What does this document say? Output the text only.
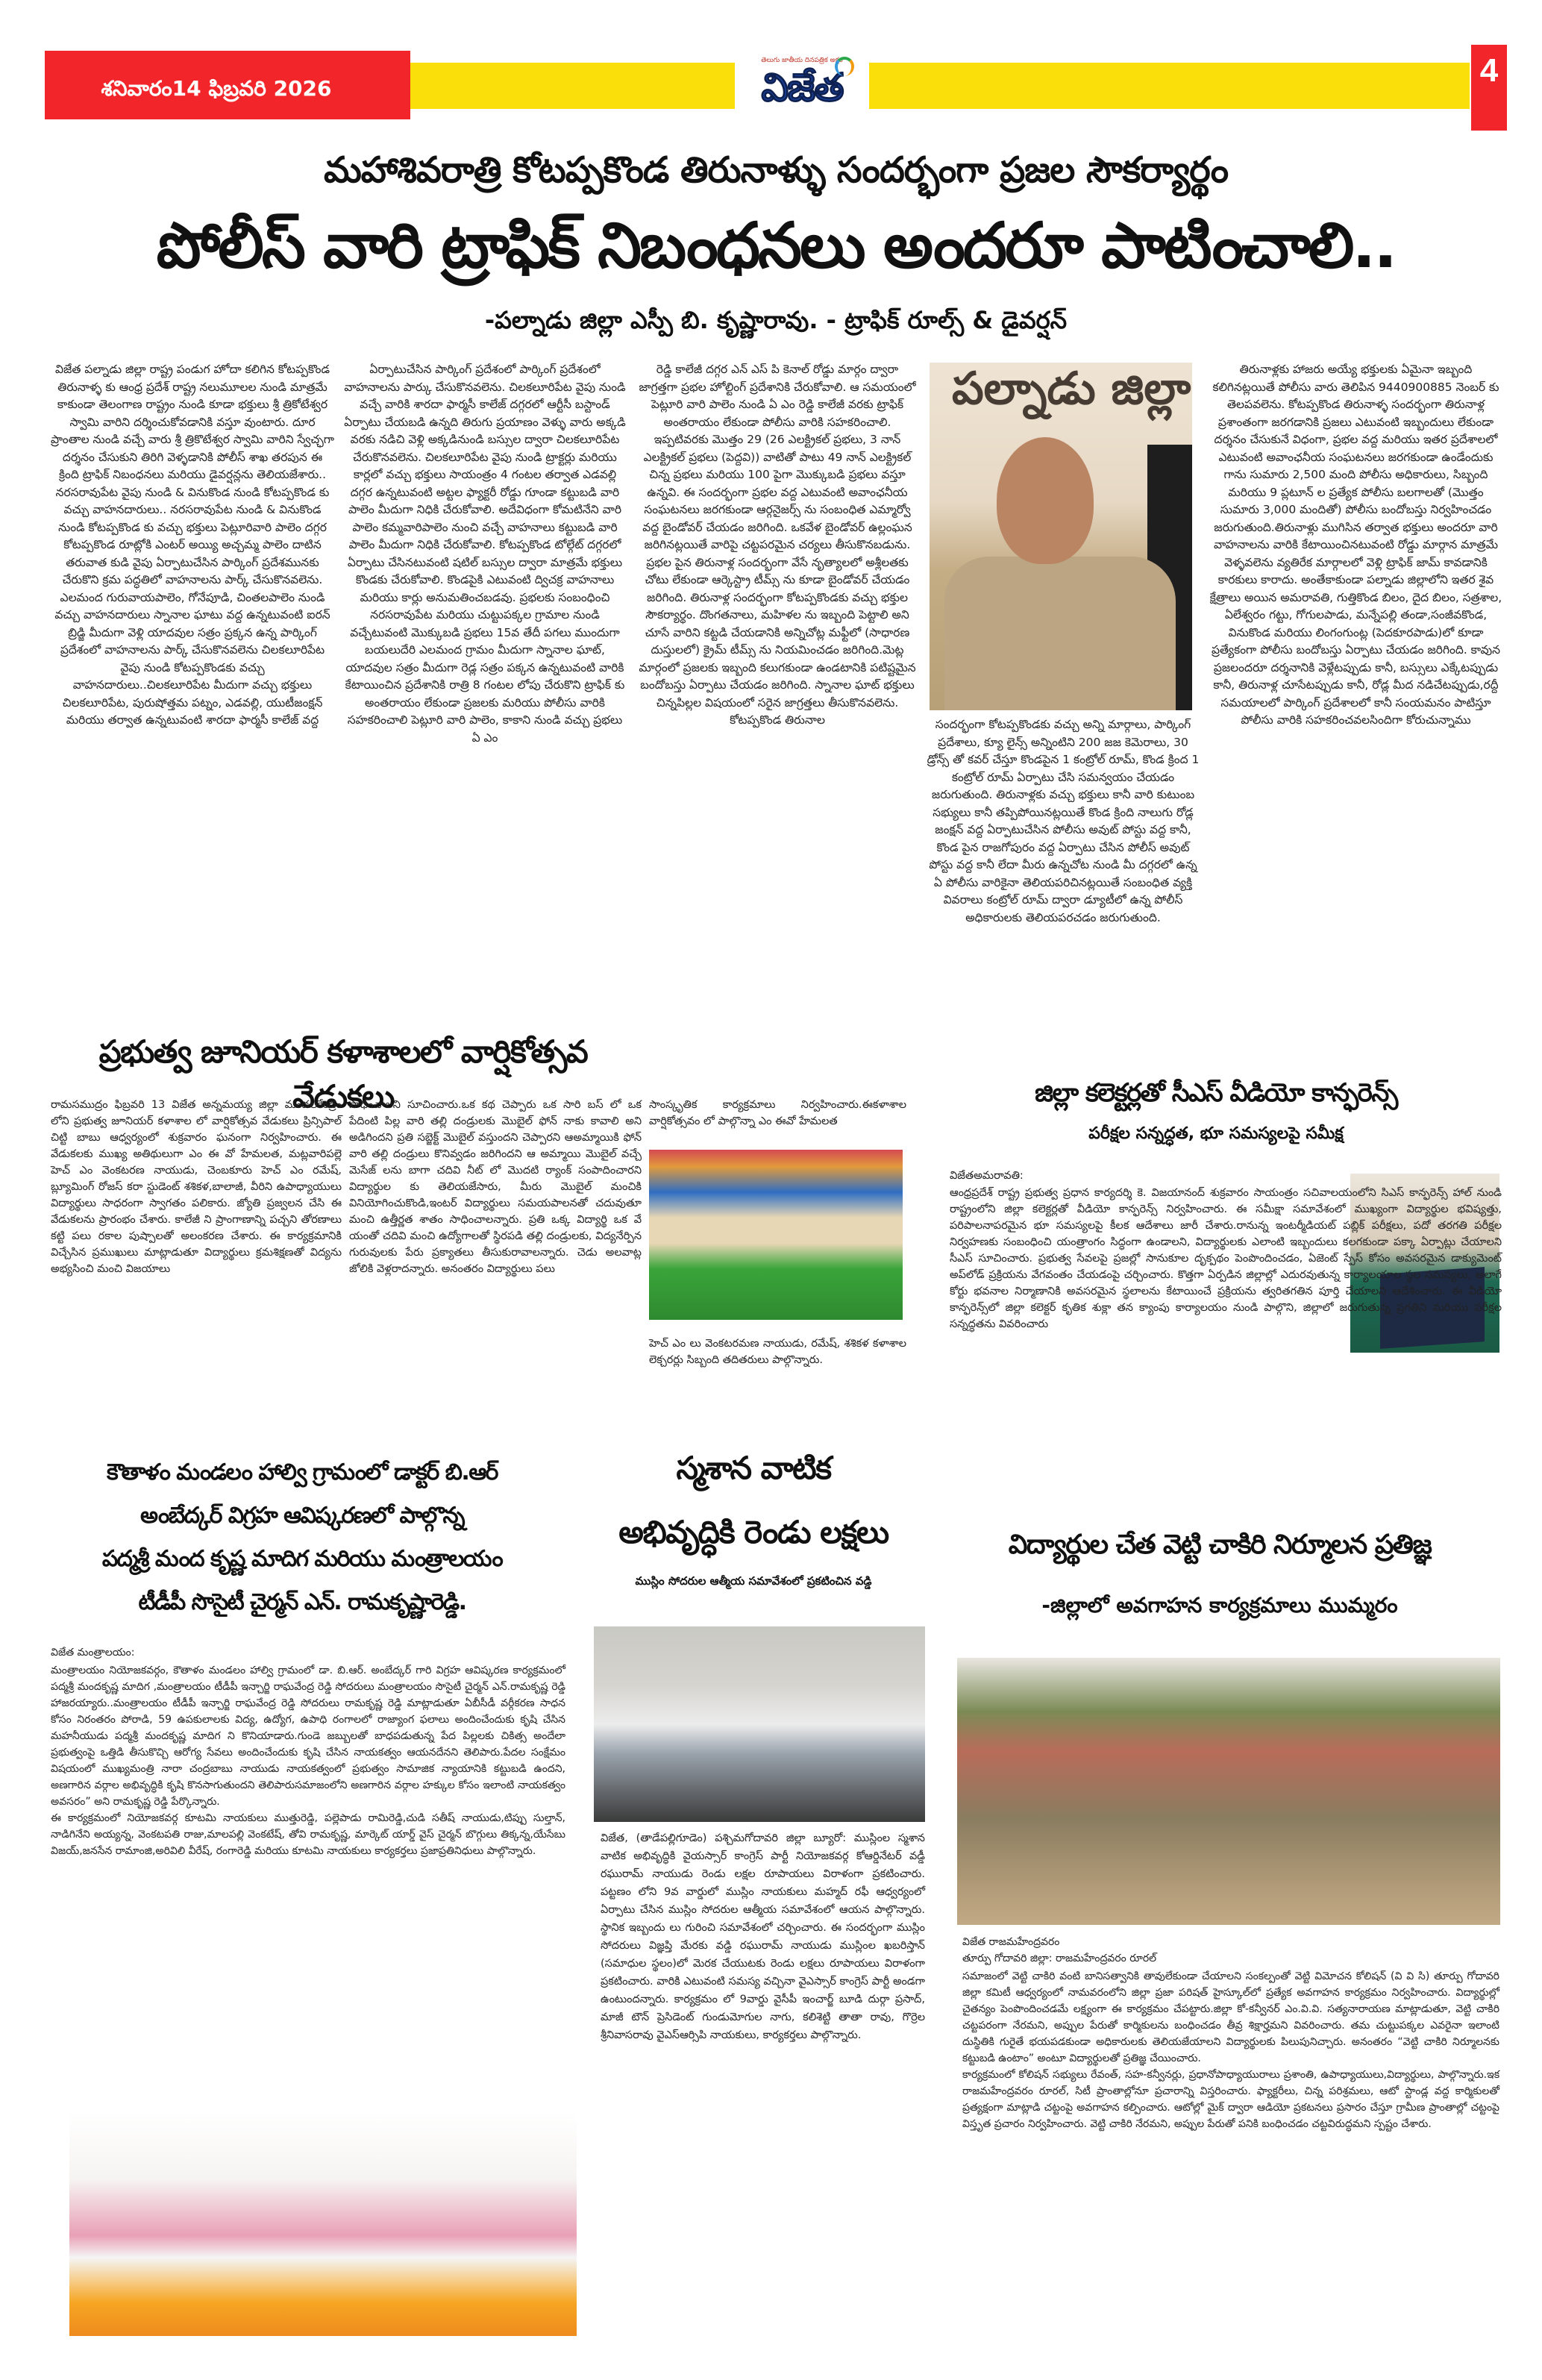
శనివారం14 ఫిబ్రవరి 2026
తెలుగు జాతీయ దినపత్రిక అక్షర
విజేత	4
మహాశివరాత్రి కోటప్పకొండ తిరునాళ్ళు సందర్భంగా ప్రజల సౌకర్యార్థం
పోలీస్ వారి ట్రాఫిక్ నిబంధనలు అందరూ పాటించాలి..
-పల్నాడు జిల్లా ఎస్పీ బి. కృష్ణారావు. - ట్రాఫిక్ రూల్స్ & డైవర్షన్

విజేత పల్నాడు జిల్లా రాష్ట్ర పండుగ హోదా కలిగిన కోటప్పకొండ తిరునాళ్ళ కు ఆంధ్ర ప్రదేశ్ రాష్ట్ర నలుమూలల నుండి మాత్రమే కాకుండా తెలంగాణ రాష్ట్రం నుండి కూడా భక్తులు శ్రీ త్రికోటేశ్వర స్వామి వారిని దర్శించుకోవడానికి వస్తూ వుంటారు. దూర ప్రాంతాల నుండి వచ్చే వారు శ్రీ త్రికొటేశ్వర స్వామి వారిని స్వేచ్ఛగా దర్శనం చేసుకుని తిరిగి వెళ్ళడానికి పోలీస్ శాఖ తరపున ఈ క్రింది ట్రాఫిక్ నిబంధనలు మరియు డైవర్షన్లను తెలియజేశారు.. నరసరావుపేట వైపు నుండి & వినుకొండ నుండి కోటప్పకొండ కు వచ్చు వాహనదారులు.. నరసరావుపేట నుండి & వినుకొండ నుండి కోటప్పకొండ కు వచ్చు భక్తులు పెట్లూరివారి పాలెం దగ్గర కోటప్పకొండ రూట్లోకి ఎంటర్ అయ్యి అచ్చమ్మ పాలెం దాటిన తరువాత కుడి వైపు ఏర్పాటుచేసిన పార్కింగ్ ప్రదేశమునకు చేరుకొని క్రమ పద్ధతిలో వాహనాలను పార్క్ చేసుకొనవలెను. ఎలమంద గురువాయపాలెం, గోనేపూడి, చింతలపాలెం నుండి వచ్చు వాహనదారులు స్నానాల ఘాటు వద్ద ఉన్నటువంటి ఐరన్ బ్రిడ్జి మీదుగా వెళ్లి యాదవుల సత్రం ప్రక్కన ఉన్న పార్కింగ్ ప్రదేశంలో వాహనాలను పార్క్ చేసుకొనవలెను చిలకలూరిపేట వైపు నుండి కోటప్పకొండకు వచ్చు వాహనదారులు..చిలకలూరిపేట మీదుగా వచ్చు భక్తులు చిలకలూరిపేట, పురుషోత్తమ పట్నం, ఎడవల్లి, యుటీజంక్షన్ మరియు తర్వాత ఉన్నటువంటి శారదా ఫార్మసీ కాలేజ్ వద్ద

ఏర్పాటుచేసిన పార్కింగ్ ప్రదేశంలో పార్కింగ్ ప్రదేశంలో వాహనాలను పార్కు చేసుకొనవలెను. చిలకలూరిపేట వైపు నుండి వచ్చే వారికి శారదా ఫార్మసీ కాలేజ్ దగ్గరలో ఆర్టీసీ బస్టాండ్ ఏర్పాటు చేయబడి ఉన్నది తిరుగు ప్రయాణం వెళ్ళు వారు అక్కడి వరకు నడిచి వెళ్లి అక్కడినుండి బస్సుల ద్వారా చిలకలూరిపేట చేరుకొనవలెను. చిలకలూరిపేట వైపు నుండి ట్రాక్టర్లు మరియు కార్లలో వచ్చు భక్తులు సాయంత్రం 4 గంటల తర్వాత ఎడవల్లి దగ్గర ఉన్నటువంటి అట్టల ఫ్యాక్టరీ రోడ్డు గూండా కట్టుబడి వారి పాలెం మీదుగా నిధికి చేరుకోవాలి. అదేవిధంగా కోమటినేని వారి పాలెం కమ్మవారిపాలెం నుంచి వచ్చే వాహనాలు కట్టుబడి వారి పాలెం మీదుగా నిధికి చేరుకోవాలి. కోటప్పకొండ టోల్గేట్ దగ్గరలో ఏర్పాటు చేసినటువంటి షటిల్ బస్సుల ద్వారా మాత్రమే భక్తులు కొండకు చేరుకోవాలి. కొండపైకి ఎటువంటి ద్విచక్ర వాహనాలు మరియు కార్లు అనుమతించబడవు. ప్రభలకు సంబంధించి నరసరావుపేట మరియు చుట్టుపక్కల గ్రామాల నుండి వచ్చేటువంటి మొక్కుబడి ప్రభలు 15వ తేదీ పగలు ముందుగా బయలుదేరి ఎలమంద గ్రామం మీదుగా స్నానాల ఘాట్, యాదవుల సత్రం మీదుగా రెడ్ల సత్రం పక్కన ఉన్నటువంటి వారికి కేటాయించిన ప్రదేశానికి రాత్రి 8 గంటల లోపు చేరుకొని ట్రాఫిక్ కు అంతరాయం లేకుండా ప్రజలకు మరియు పోలీసు వారికి సహకరించాలి పెట్లూరి వారి పాలెం, కాకాని నుండి వచ్చు ప్రభలు ఏ ఎం

రెడ్డి కాలేజీ దగ్గర ఎన్ ఎస్ పి కెనాల్ రోడ్డు మార్గం ద్వారా జాగ్రత్తగా ప్రభల హోల్టింగ్ ప్రదేశానికి చేరుకోవాలి. ఆ సమయంలో పెట్లూరి వారి పాలెం నుండి ఏ ఎం రెడ్డి కాలేజీ వరకు ట్రాఫిక్ అంతరాయం లేకుండా పోలీసు వారికి సహకరించాలి. ఇప్పటివరకు మొత్తం 29 (26 ఎలక్ట్రికల్ ప్రభలు, 3 నాన్ ఎలక్ట్రికల్ ప్రభలు (పెద్దవి)) వాటితో పాటు 49 నాన్ ఎలక్ట్రికల్ చిన్న ప్రభలు మరియు 100 పైగా మొక్కుబడి ప్రభలు వస్తూ ఉన్నవి. ఈ సందర్భంగా ప్రభల వద్ద ఎటువంటి అవాంఛనీయ సంఘటనలు జరగకుండా ఆర్గనైజర్స్ ను సంబంధిత ఎమ్మార్వో వద్ద బైండోవర్ చేయడం జరిగింది. ఒకవేళ బైండోవర్ ఉల్లంఘన జరిగినట్లయితే వారిపై చట్టపరమైన చర్యలు తీసుకొనబడును. ప్రభల పైన తిరునాళ్ల సందర్భంగా వేసే నృత్యాలలో అశ్లీలతకు చోటు లేకుండా ఆర్కెస్ట్రా టీమ్స్ ను కూడా బైండోవర్ చేయడం జరిగింది. తిరునాళ్ల సందర్భంగా కోటప్పకొండకు వచ్చు భక్తుల సౌకర్యార్థం. దొంగతనాలు, మహిళల ను ఇబ్బంది పెట్టాలి అని చూసే వారిని కట్టడి చేయడానికి అన్నిచోట్ల మఫ్టీలో (సాధారణ దుస్తులలో) క్రైమ్ టీమ్స్ ను నియమించడం జరిగింది.మెట్ల మార్గంలో ప్రజలకు ఇబ్బంది కలుగకుండా ఉండటానికి పటిష్టమైన బందోబస్తు ఏర్పాటు చేయడం జరిగింది. స్నానాల ఘాట్ భక్తులు చిన్నపిల్లల విషయంలో సరైన జాగ్రత్తలు తీసుకొనవలెను. కోటప్పకొండ తిరునాల

పల్నాడు జిల్లా

సందర్భంగా కోటప్పకొండకు వచ్చు అన్ని మార్గాలు, పార్కింగ్ ప్రదేశాలు, క్యూ లైన్స్ అన్నింటిని 200 జజ కెమెరాలు, 30 డ్రోన్స్ తో కవర్ చేస్తూ కొండపైన 1 కంట్రోల్ రూమ్, కొండ క్రింద 1 కంట్రోల్ రూమ్ ఏర్పాటు చేసి సమన్వయం చేయడం జరుగుతుంది. తిరునాళ్లకు వచ్చు భక్తులు కానీ వారి కుటుంబ సభ్యులు కానీ తప్పిపోయినట్లయితే కొండ క్రింది నాలుగు రోడ్ల జంక్షన్ వద్ద ఏర్పాటుచేసిన పోలీసు అవుట్ పోస్టు వద్ద కానీ, కొండ పైన రాజగోపురం వద్ద ఏర్పాటు చేసిన పోలీస్ అవుట్ పోస్టు వద్ద కానీ లేదా మీరు ఉన్నచోట నుండి మీ దగ్గరలో ఉన్న ఏ పోలీసు వారికైనా తెలియపరిచినట్లయితే సంబంధిత వ్యక్తి వివరాలు కంట్రోల్ రూమ్ ద్వారా డ్యూటీలో ఉన్న పోలీస్ అధికారులకు తెలియపరచడం జరుగుతుంది.

తిరునాళ్లకు హాజరు అయ్యే భక్తులకు ఏమైనా ఇబ్బంది కలిగినట్లయితే పోలీసు వారు తెలిపిన 9440900885 నెంబర్ కు తెలపవలెను. కోటప్పకొండ తిరునాళ్ళ సందర్భంగా తిరునాళ్ల ప్రశాంతంగా జరగడానికి ప్రజలు ఎటువంటి ఇబ్బందులు లేకుండా దర్శనం చేసుకునే విధంగా, ప్రభల వద్ద మరియు ఇతర ప్రదేశాలలో ఎటువంటి అవాంఛనీయ సంఘటనలు జరగకుండా ఉండేందుకు గాను సుమారు 2,500 మంది పోలీసు అధికారులు, సిబ్బంది మరియు 9 ప్లటూన్ ల ప్రత్యేక పోలీసు బలగాలతో (మొత్తం సుమారు 3,000 మందితో) పోలీసు బందోబస్తు నిర్వహించడం జరుగుతుంది.తిరునాళ్లు ముగిసిన తర్వాత భక్తులు అందరూ వారి వాహనాలను వారికి కేటాయించినటువంటి రోడ్డు మార్గాన మాత్రమే వెళ్ళవలెను వ్యతిరేక మార్గాలలో వెళ్లి ట్రాఫిక్ జామ్ కావడానికి కారకులు కారాదు. అంతేకాకుండా పల్నాడు జిల్లాలోని ఇతర శైవ క్షేత్రాలు అయిన అమరావతి, గుత్తికొండ బిలం, దైద బిలం, సత్రశాల, ఏలేశ్వరం గట్టు, గోగులపాడు, మన్నేపల్లి తండా,సంజీవకొండ, వినుకొండ మరియు లింగంగుంట్ల (పెదకూరపాడు)లో కూడా ప్రత్యేకంగా పోలీసు బందోబస్తు ఏర్పాటు చేయడం జరిగింది. కావున ప్రజలందరూ దర్శనానికి వెళ్లేటప్పుడు కానీ, బస్సులు ఎక్కేటప్పుడు కానీ, తిరునాళ్ల చూసేటప్పుడు కానీ, రోడ్ల మీద నడిచేటప్పుడు,రద్దీ సమయాలలో పార్కింగ్ ప్రదేశాలలో కానీ సంయమనం పాటిస్తూ పోలీసు వారికి సహకరించవలసిందిగా కోరుచున్నాము

ప్రభుత్వ జూనియర్ కళాశాలలో వార్షికోత్సవ వేడుకలు

రామసముద్రం ఫిబ్రవరి 13 విజేత అన్నమయ్య జిల్లా మండలకేంద్రం లోని ప్రభుత్వ జూనియర్ కళాశాల లో వార్షికోత్సవ వేడుకలు ప్రిన్సిపాల్ చిట్టి బాబు ఆధ్వర్యంలో శుక్రవారం ఘనంగా నిర్వహించారు. ఈ వేడుకలకు ముఖ్య అతిథులుగా ఎం ఈ వో హేమలత, మట్లవారిపల్లె హెచ్ ఎం వెంకటరణ నాయుడు, చెంబకూరు హెచ్ ఎం రమేష్, బ్ల్యూమింగ్ రోజస్ కరా స్టుడెంట్ శశికళ,బాలాజీ, వీరిని ఉపాధ్యాయులు విద్యార్థులు సాధరంగా స్వాగతం పలికారు. జ్యోతి ప్రజ్వలన చేసి ఈ వేడుకలను ప్రారంభం చేశారు. కాలేజీ ని ప్రాంగాణాన్ని పచ్చని తోరణాలు కట్టి పలు రకాల పుష్పాలతో అలంకరణ చేశారు. ఈ కార్యక్రమానికి విచ్చేసిన ప్రముఖులు మాట్లాడుతూ విద్యార్థులు క్రమశిక్షణతో విద్యను అభ్యసించి మంచి విజయాలు

సాధించాలని సూచించారు.ఒక కథ చెప్పారు ఒక సారి బస్ లో ఒక పేదింటి పిల్ల వారి తల్లి దండ్రులకు మొబైల్ ఫోన్ నాకు కావాలి అని అడిగిందని ప్రతి సబ్జెక్ట్ మొబైల్ వస్తుందని చెప్పారని ఆఅమ్మాయికి ఫోన్ వారి తల్లి దండ్రులు కొనివ్వడం జరిగిందని ఆ అమ్మాయి మొబైల్ వచ్చే మెసేజ్ లను బాగా చదివి నీట్ లో మొదటి ర్యాంక్ సంపాదించారని విద్యార్థుల కు తెలియజేసారు, మీరు మొబైల్ మంచికి వినియోగించుకొండి,ఇంటర్ విద్యార్థులు సమయపాలనతో చదువుతూ మంచి ఉత్తీర్ణత శాతం సాధించాలన్నారు. ప్రతి ఒక్క విద్యార్థి ఒక వే యంతో చదివి మంచి ఉద్యోగాలతో స్థిరపడి తల్లి దండ్రులకు, విద్యనేర్పిన గురువులకు పేరు ప్రక్యాతలు తీసుకురావాలన్నారు. చెడు అలవాట్ల జోలికి వెళ్లరాదన్నారు. అనంతరం విద్యార్థులు పలు

సాంస్కృతిక కార్యక్రమాలు నిర్వహించారు.ఈకళాశాల వార్షికోత్సవం లో పాల్గొన్నా ఎం ఈవో హేమలత

హెచ్ ఎం లు వెంకటరమణ నాయుడు, రమేష్, శశికళ కళాశాల లెక్చరర్లు సిబ్బంది తదితరులు పాల్గొన్నారు.

జిల్లా కలెక్టర్లతో సీఎస్ వీడియో కాన్ఫరెన్స్
పరీక్షల సన్నద్ధత, భూ సమస్యలపై సమీక్ష
విజేతఅమరావతి:

ఆంధ్రప్రదేశ్ రాష్ట్ర ప్రభుత్వ ప్రధాన కార్యదర్శి కె. విజయానంద్ శుక్రవారం సాయంత్రం సచివాలయంలోని సిఎస్ కాన్ఫరెన్స్ హాల్ నుండి రాష్ట్రంలోని జిల్లా కలెక్టర్లతో వీడియో కాన్ఫరెన్స్ నిర్వహించారు. ఈ సమీక్షా సమావేశంలో ముఖ్యంగా విద్యార్థుల భవిష్యత్తు, పరిపాలనాపరమైన భూ సమస్యలపై కీలక ఆదేశాలు జారీ చేశారు.రానున్న ఇంటర్మీడియట్ పబ్లిక్ పరీక్షలు, పదో తరగతి పరీక్షల నిర్వహణకు సంబంధించి యంత్రాంగం సిద్ధంగా ఉండాలని, విద్యార్థులకు ఎలాంటి ఇబ్బందులు కలగకుండా పక్కా ఏర్పాట్లు చేయాలని సీఎస్ సూచించారు. ప్రభుత్వ సేవలపై ప్రజల్లో సానుకూల దృక్పథం పెంపొందించడం, ఏజెంట్ స్పేస్ కోసం అవసరమైన డాక్యుమెంట్ అప్‌లోడ్ ప్రక్రియను వేగవంతం చేయడంపై చర్చించారు. కొత్తగా ఏర్పడిన జిల్లాల్లో ఎదురవుతున్న కార్యాలయాల స్థల సమస్యలు, అలాగే కోర్టు భవనాల నిర్మాణానికి అవసరమైన స్థలాలను కేటాయించే ప్రక్రియను త్వరితగతిన పూర్తి చేయాలని ఆదేశించారు. ఈ వీడియో కాన్ఫరెన్స్‌లో జిల్లా కలెక్టర్ కృతిక శుక్లా తన క్యాంపు కార్యాలయం నుండి పాల్గొని, జిల్లాలో జరుగుతున్న ప్రగతిని మరియు పరీక్షల సన్నద్ధతను వివరించారు

కౌతాళం మండలం హాల్వి గ్రామంలో డాక్టర్ బి.ఆర్
అంబేద్కర్ విగ్రహ ఆవిష్కరణలో పాల్గొన్న
పద్మశ్రీ మంద కృష్ణ మాదిగ మరియు మంత్రాలయం
టీడీపీ సొసైటీ చైర్మన్ ఎన్. రామకృష్ణారెడ్డి.
విజేత మంత్రాలయం:

మంత్రాలయం నియోజకవర్గం, కౌతాళం మండలం హాల్వి గ్రామంలో డా. బి.ఆర్. అంబేద్కర్ గారి విగ్రహ ఆవిష్కరణ కార్యక్రమంలో పద్మశ్రీ మందకృష్ణ మాదిగ ,మంత్రాలయం టీడీపీ ఇన్చార్జి రాఘవేంద్ర రెడ్డి సోదరులు మంత్రాలయం సొసైటీ చైర్మన్ ఎన్.రామకృష్ణ రెడ్డి హాజరయ్యారు..మంత్రాలయం టీడీపీ ఇన్చార్జి రాఘవేంద్ర రెడ్డి సోదరులు రామకృష్ణ రెడ్డి మాట్లాడుతూ ఏబీసీడీ వర్గీకరణ సాధన కోసం నిరంతరం పోరాడి, 59 ఉపకులాలకు విద్య, ఉద్యోగ, ఉపాధి రంగాలలో రాజ్యాంగ ఫలాలు అందించేందుకు కృషి చేసిన మహనీయుడు పద్మశ్రీ మందకృష్ణ మాదిగ ని కొనియాడారు.గుండె జబ్బులతో బాధపడుతున్న పేద పిల్లలకు చికిత్స అందేలా ప్రభుత్వంపై ఒత్తిడి తీసుకొచ్చి ఆరోగ్య సేవలు అందించేందుకు కృషి చేసిన నాయకత్వం ఆయనదేనని తెలిపారు.పేదల సంక్షేమం విషయంలో ముఖ్యమంత్రి నారా చంద్రబాబు నాయుడు నాయకత్వంలో ప్రభుత్వం సామాజిక న్యాయానికి కట్టుబడి ఉందని, అణగారిన వర్గాల అభివృద్ధికి కృషి కొనసాగుతుందని తెలిపారుసమాజంలోని అణగారిన వర్గాల హక్కుల కోసం ఇలాంటి నాయకత్వం అవసరం” అని రామకృష్ణ రెడ్డి పేర్కొన్నారు.

ఈ కార్యక్రమంలో నియోజకవర్గ కూటమి నాయకులు ముత్తురెడ్డి, పల్లెపాడు రామిరెడ్డి,చుడి సతీష్ నాయుడు,టిప్పు సుల్తాన్, నాడిగినేని అయ్యన్న, వెంకటపతి రాజు,మాలపల్లి వెంకటేష్, తోవి రామకృష్ణ, మార్కెట్ యార్డ్ వైస్ చైర్మన్ బొగ్గులు తిక్కన్న,యేసేబు విజయ్,జనసేన రామాంజి,అరివిలి వీరేష్, రంగారెడ్డి మరియు కూటమి నాయకులు కార్యకర్తలు ప్రజాప్రతినిధులు పాల్గొన్నారు.

స్మశాన వాటిక
అభివృద్ధికి రెండు లక్షలు
ముస్లిం సోదరుల ఆత్మీయ సమావేశంలో ప్రకటించిన వడ్డి

విజేత, (తాడేపల్లిగూడెం) పశ్చిమగోదావరి జిల్లా బ్యూరో: ముస్లింల స్మశాన వాటిక అభివృద్ధికి వైయస్సార్ కాంగ్రెస్ పార్టీ నియోజకవర్గ కోఆర్డినేటర్ వడ్డీ రఘురామ్ నాయుడు రెండు లక్షల రూపాయలు విరాళంగా ప్రకటించారు. పట్టణం లోని 9వ వార్డులో ముస్లిం నాయకులు మహ్మద్ రఫీ ఆధ్వర్యంలో ఏర్పాటు చేసిన ముస్లిం సోదరుల ఆత్మీయ సమావేశంలో ఆయన పాల్గొన్నారు. స్థానిక ఇబ్బందు లు గురించి సమావేశంలో చర్చించారు. ఈ సందర్భంగా ముస్లిం సోదరులు విజ్ఞప్తి మేరకు వడ్డి రఘురామ్ నాయుడు ముస్లింల ఖబరిస్తాన్ (సమాధుల స్థలం)లో మెరక చేయుటకు రెండు లక్షలు రూపాయలు విరాళంగా ప్రకటించారు. వారికి ఎటువంటి సమస్య వచ్చినా వైఎస్సార్ కాంగ్రెస్ పార్టీ అండగా ఉంటుందన్నారు. కార్యక్రమం లో 9వార్డు వైసీపీ ఇంచార్జ్ బూడి దుర్గా ప్రసాద్, మాజీ టౌన్ ప్రెసిడెంట్ గుండుమోగుల నాగు, కలిశెట్టి తాతా రావు, గొర్రెల శ్రీనివాసరావు వైఎస్ఆర్సిపి నాయకులు, కార్యకర్తలు పాల్గొన్నారు.

విద్యార్థుల చేత వెట్టి చాకిరి నిర్మూలన ప్రతిజ్ఞ
-జిల్లాలో అవగాహన కార్యక్రమాలు ముమ్మరం
విజేత రాజమహేంద్రవరం
తూర్పు గోదావరి జిల్లా: రాజమహేంద్రవరం రూరల్

సమాజంలో వెట్టి చాకిరి వంటి బానిసత్వానికి తావులేకుండా చేయాలని సంకల్పంతో వెట్టి విమోచన కోలిషన్ (వి వి సి) తూర్పు గోదావరి జిల్లా కమిటీ ఆధ్వర్యంలో నామవరంలోని జిల్లా ప్రజా పరిషత్ హైస్కూల్‌లో ప్రత్యేక అవగాహన కార్యక్రమం నిర్వహించారు. విద్యార్థుల్లో చైతన్యం పెంపొందించడమే లక్ష్యంగా ఈ కార్యక్రమం చేపట్టారు.జిల్లా కో-కన్వీనర్ ఎం.వి.వి. సత్యనారాయణ మాట్లాడుతూ, వెట్టి చాకిరి చట్టపరంగా నేరమని, అప్పుల పేరుతో కార్మికులను బంధించడం తీవ్ర శిక్షార్హమని వివరించారు. తమ చుట్టుపక్కల ఎవరైనా ఇలాంటి దుస్థితికి గురైతే భయపడకుండా అధికారులకు తెలియజేయాలని విద్యార్థులకు పిలుపునిచ్చారు. అనంతరం “వెట్టి చాకిరి నిర్మూలనకు కట్టుబడి ఉంటాం” అంటూ విద్యార్థులతో ప్రతిజ్ఞ చేయించారు.

కార్యక్రమంలో కోలిషన్ సభ్యులు రేవంత్, సహ-కన్వీనర్లు, ప్రధానోపాధ్యాయురాలు ప్రశాంతి, ఉపాధ్యాయులు,విద్యార్థులు, పాల్గొన్నారు.ఇక రాజమహేంద్రవరం రూరల్, సిటీ ప్రాంతాల్లోనూ ప్రచారాన్ని విస్తరించారు. ఫ్యాక్టరీలు, చిన్న పరిశ్రమలు, ఆటో స్టాండ్ల వద్ద కార్మికులతో ప్రత్యక్షంగా మాట్లాడి చట్టంపై అవగాహన కల్పించారు. ఆటోల్లో మైక్ ద్వారా ఆడియో ప్రకటనలు ప్రసారం చేస్తూ గ్రామీణ ప్రాంతాల్లో చట్టంపై విస్తృత ప్రచారం నిర్వహించారు. వెట్టి చాకిరి నేరమని, అప్పుల పేరుతో పనికి బంధించడం చట్టవిరుద్ధమని స్పష్టం చేశారు.
